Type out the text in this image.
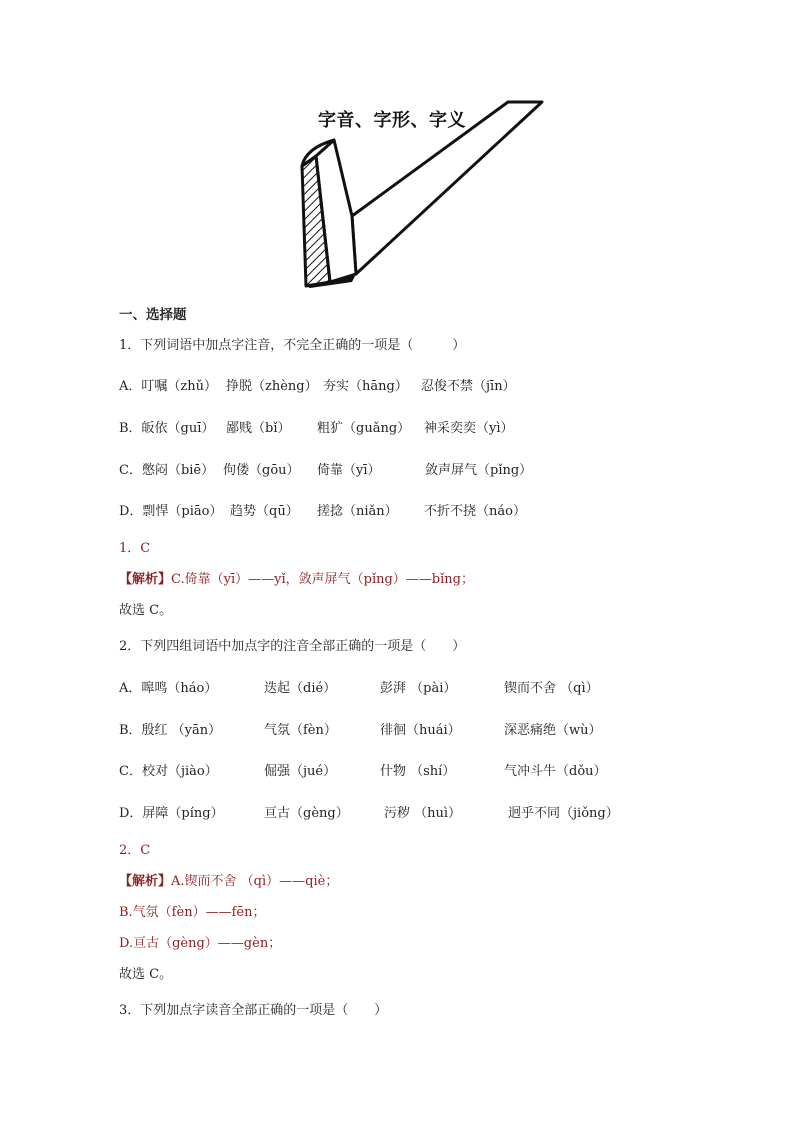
字音、字形、字义
一、选择题
1．下列词语中加点字注音，不完全正确的一项是（　　　）
A．叮嘱（zhǔ） 挣脱（zhèng） 夯实（hāng） 忍俊不禁（jīn）
B．皈依（guī） 鄙贱（bǐ） 粗犷（guǎng） 神采奕奕（yì）
C．憋闷（biē） 佝偻（gōu） 倚靠（yī）	敛声屏气（pǐng）
D．剽悍（piāo） 趋势（qū） 搓捻（niǎn） 不折不挠（náo）
1．C
【解析】C.倚靠（yī）——yǐ，敛声屏气（pǐng）——bǐng；
故选 C。
2．下列四组词语中加点字的注音全部正确的一项是（　　）
A．嗥鸣（háo）	迭起（dié）	彭湃 （pài）	锲而不舍 （qì）
B．殷红 （yān）	气氛（fèn）	徘徊（huái）	深恶痛绝（wù）
C．校对（jiào）	倔强（jué）	什物 （shí）	气冲斗牛（dǒu）
D．屏障（píng）	亘古（gèng）	污秽 （huì）	迥乎不同（jiǒng）
2．C
【解析】A.锲而不舍 （qì）——qiè；
B.气氛（fèn）——fēn；
D.亘古（gèng）——gèn；
故选 C。
3．下列加点字读音全部正确的一项是（　　）
